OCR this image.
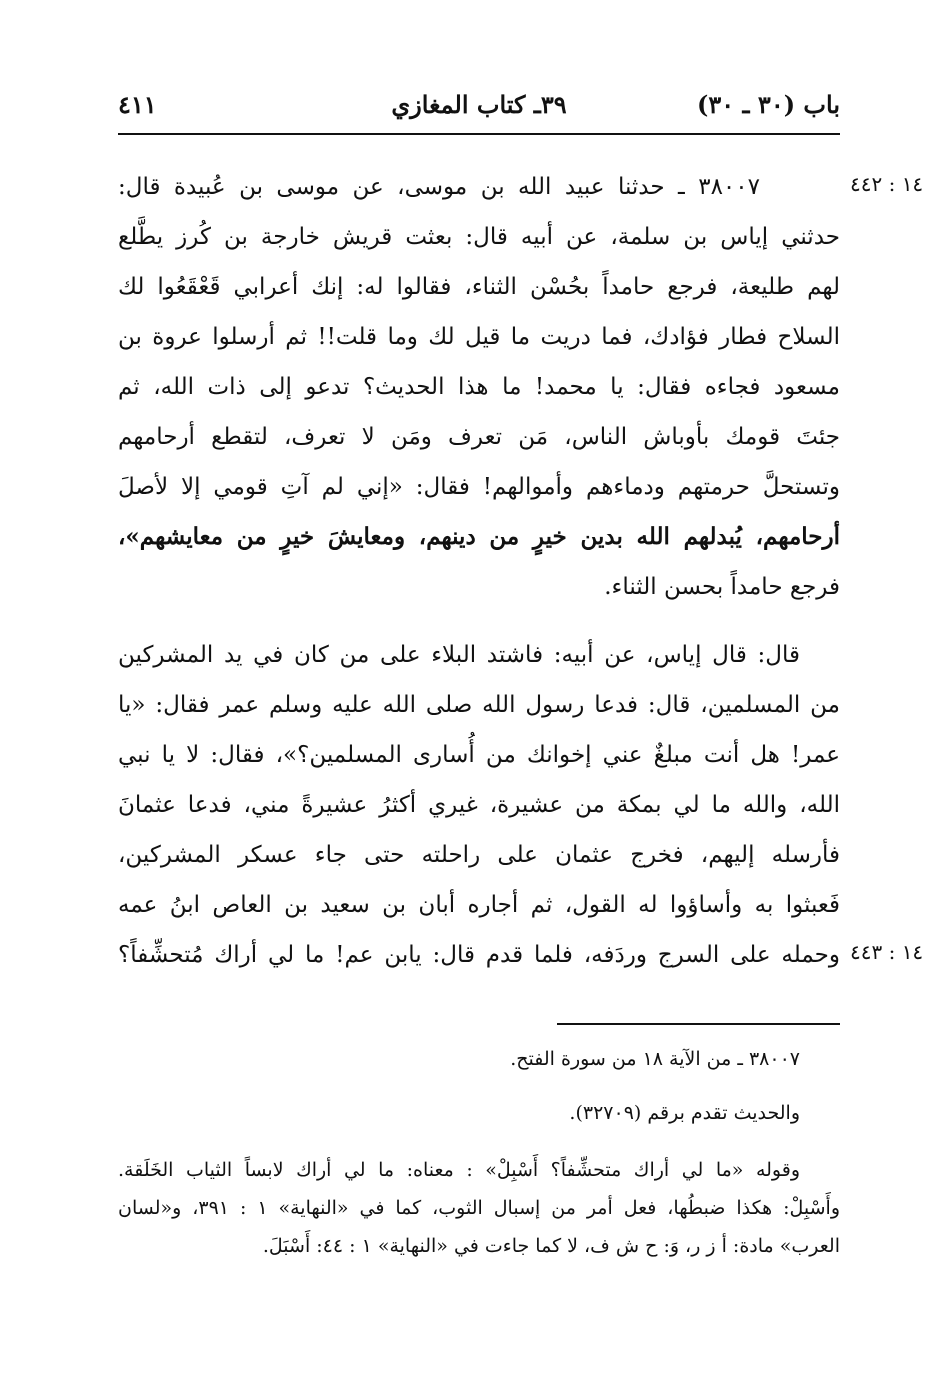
باب (٣٠ ـ ٣٠)
٣٩ـ كتاب المغازي
٤١١
١٤ : ٤٤٢
١٤ : ٤٤٣
٣٨٠٠٧ ـ حدثنا عبيد الله بن موسى، عن موسى بن عُبيدة قال:
حدثني إياس بن سلمة، عن أبيه قال: بعثت قريش خارجة بن كُرز يطَّلع
لهم طليعة، فرجع حامداً بحُسْن الثناء، فقالوا له: إنك أعرابي قَعْقَعُوا لك
السلاح فطار فؤادك، فما دريت ما قيل لك وما قلت!! ثم أرسلوا عروة بن
مسعود فجاءه فقال: يا محمد! ما هذا الحديث؟ تدعو إلى ذات الله، ثم
جئتَ قومك بأوباش الناس، مَن تعرف ومَن لا تعرف، لتقطع أرحامهم
وتستحلَّ حرمتهم ودماءهم وأموالهم! فقال: «إني لم آتِ قومي إلا لأصلَ
أرحامهم، يُبدلهم الله بدين خيرٍ من دينهم، ومعايشَ خيرٍ من معايشهم»،
فرجع حامداً بحسن الثناء.
قال: قال إياس، عن أبيه: فاشتد البلاء على من كان في يد المشركين
من المسلمين، قال: فدعا رسول الله صلى الله عليه وسلم عمر فقال: «يا
عمر! هل أنت مبلغٌ عني إخوانك من أُسارى المسلمين؟»، فقال: لا يا نبي
الله، والله ما لي بمكة من عشيرة، غيري أكثرُ عشيرةً مني، فدعا عثمانَ
فأرسله إليهم، فخرج عثمان على راحلته حتى جاء عسكر المشركين،
فَعبثوا به وأساؤوا له القول، ثم أجاره أبان بن سعيد بن العاص ابنُ عمه
وحمله على السرج وردَفه، فلما قدم قال: يابن عم! ما لي أراك مُتحشِّفاً؟
٣٨٠٠٧ ـ من الآية ١٨ من سورة الفتح.
والحديث تقدم برقم (٣٢٧٠٩).
وقوله «ما لي أراك متحشِّفاً؟ أَسْبِلْ» : معناه: ما لي أراك لابساً الثياب الخَلَقة.
وأَسْبِلْ: هكذا ضبطُها، فعل أمر من إسبال الثوب، كما في «النهاية» ١ : ٣٩١، و«لسان
العرب» مادة: أ ز ر، وَ: ح ش ف، لا كما جاءت في «النهاية» ١ : ٤٤: أَسْبَلَ.
